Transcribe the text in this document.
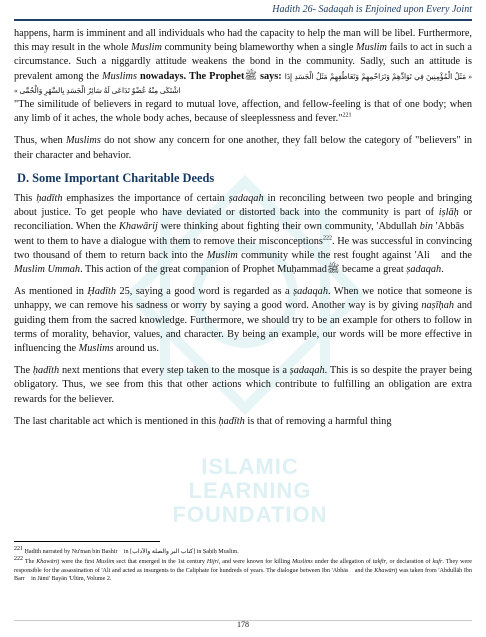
ISLAMIC
LEARNING
FOUNDATION
Hadith 26- Sadaqah is Enjoined upon Every Joint

happens, harm is imminent and all individuals who had the capacity to help the man will be libel. Furthermore, this may result in the whole Muslim community being blameworthy when a single Muslim fails to act in such a circumstance. Such a niggardly attitude weakens the bond in the community. Sadly, such an attitude is prevalent among the Muslims nowadays. The Prophetﷺ says: « مَثَلُ الْمُؤْمِنِينَ فِي تَوَادِّهِمْ وَتَرَاحُمِهِمْ وَتَعَاطُفِهِمْ مَثَلُ الْجَسَدِ إِذَا اشْتَكَى مِنْهُ عُضْوٌ تَدَاعَى لَهُ سَائِرُ الْجَسَدِ بِالسَّهَرِ وَالْحُمَّى »

"The similitude of believers in regard to mutual love, affection, and fellow-feeling is that of one body; when any limb of it aches, the whole body aches, because of sleeplessness and fever."$^{221}$

Thus, when Muslims do not show any concern for one another, they fall below the category of "believers" in their character and behavior.

D. Some Important Charitable Deeds

This ḥadīth emphasizes the importance of certain ṣadaqah in reconciling between two people and bringing about justice. To get people who have deviated or distorted back into the community is part of iṣlāḥ or reconciliation. When the Khawārij were thinking about fighting their own community, 'Abdullah bin 'Abbās﷛ went to them to have a dialogue with them to remove their misconceptions$^{222}$. He was successful in convincing two thousand of them to return back into the Muslim community while the rest fought against 'Ali﷛ and the Muslim Ummah. This action of the great companion of Prophet Muḥammadﷺ became a great ṣadaqah.

As mentioned in Ḥadīth 25, saying a good word is regarded as a ṣadaqah. When we notice that someone is unhappy, we can remove his sadness or worry by saying a good word. Another way is by giving naṣīḥah and guiding them from the sacred knowledge. Furthermore, we should try to be an example for others to follow in terms of morality, behavior, values, and character. By being an example, our words will be more effective in influencing the Muslims around us.

The ḥadīth next mentions that every step taken to the mosque is a ṣadaqah. This is so despite the prayer being obligatory. Thus, we see from this that other actions which contribute to fulfilling an obligation are extra rewards for the believer.

The last charitable act which is mentioned in this ḥadīth is that of removing a harmful thing

$^{221}$ Ḥadīth narrated by Nu'man bin Bashir﷛ in [كتاب البر والصلة والآداب] in Ṣaḥīḥ Muslim.

$^{222}$ The Khawārij were the first Muslim sect that emerged in the 1st century Hijri, and were known for killing Muslims under the allegation of takfīr, or declaration of kufr. They were responsible for the assassination of 'Ali and acted as insurgents to the Caliphate for hundreds of years. The dialogue between Ibn 'Abbās﷛ and the Khawārij was taken from 'Abdullāh Ibn Barr﷛ in Jāmi' Bayān 'Ulūm, Volume 2.

178
